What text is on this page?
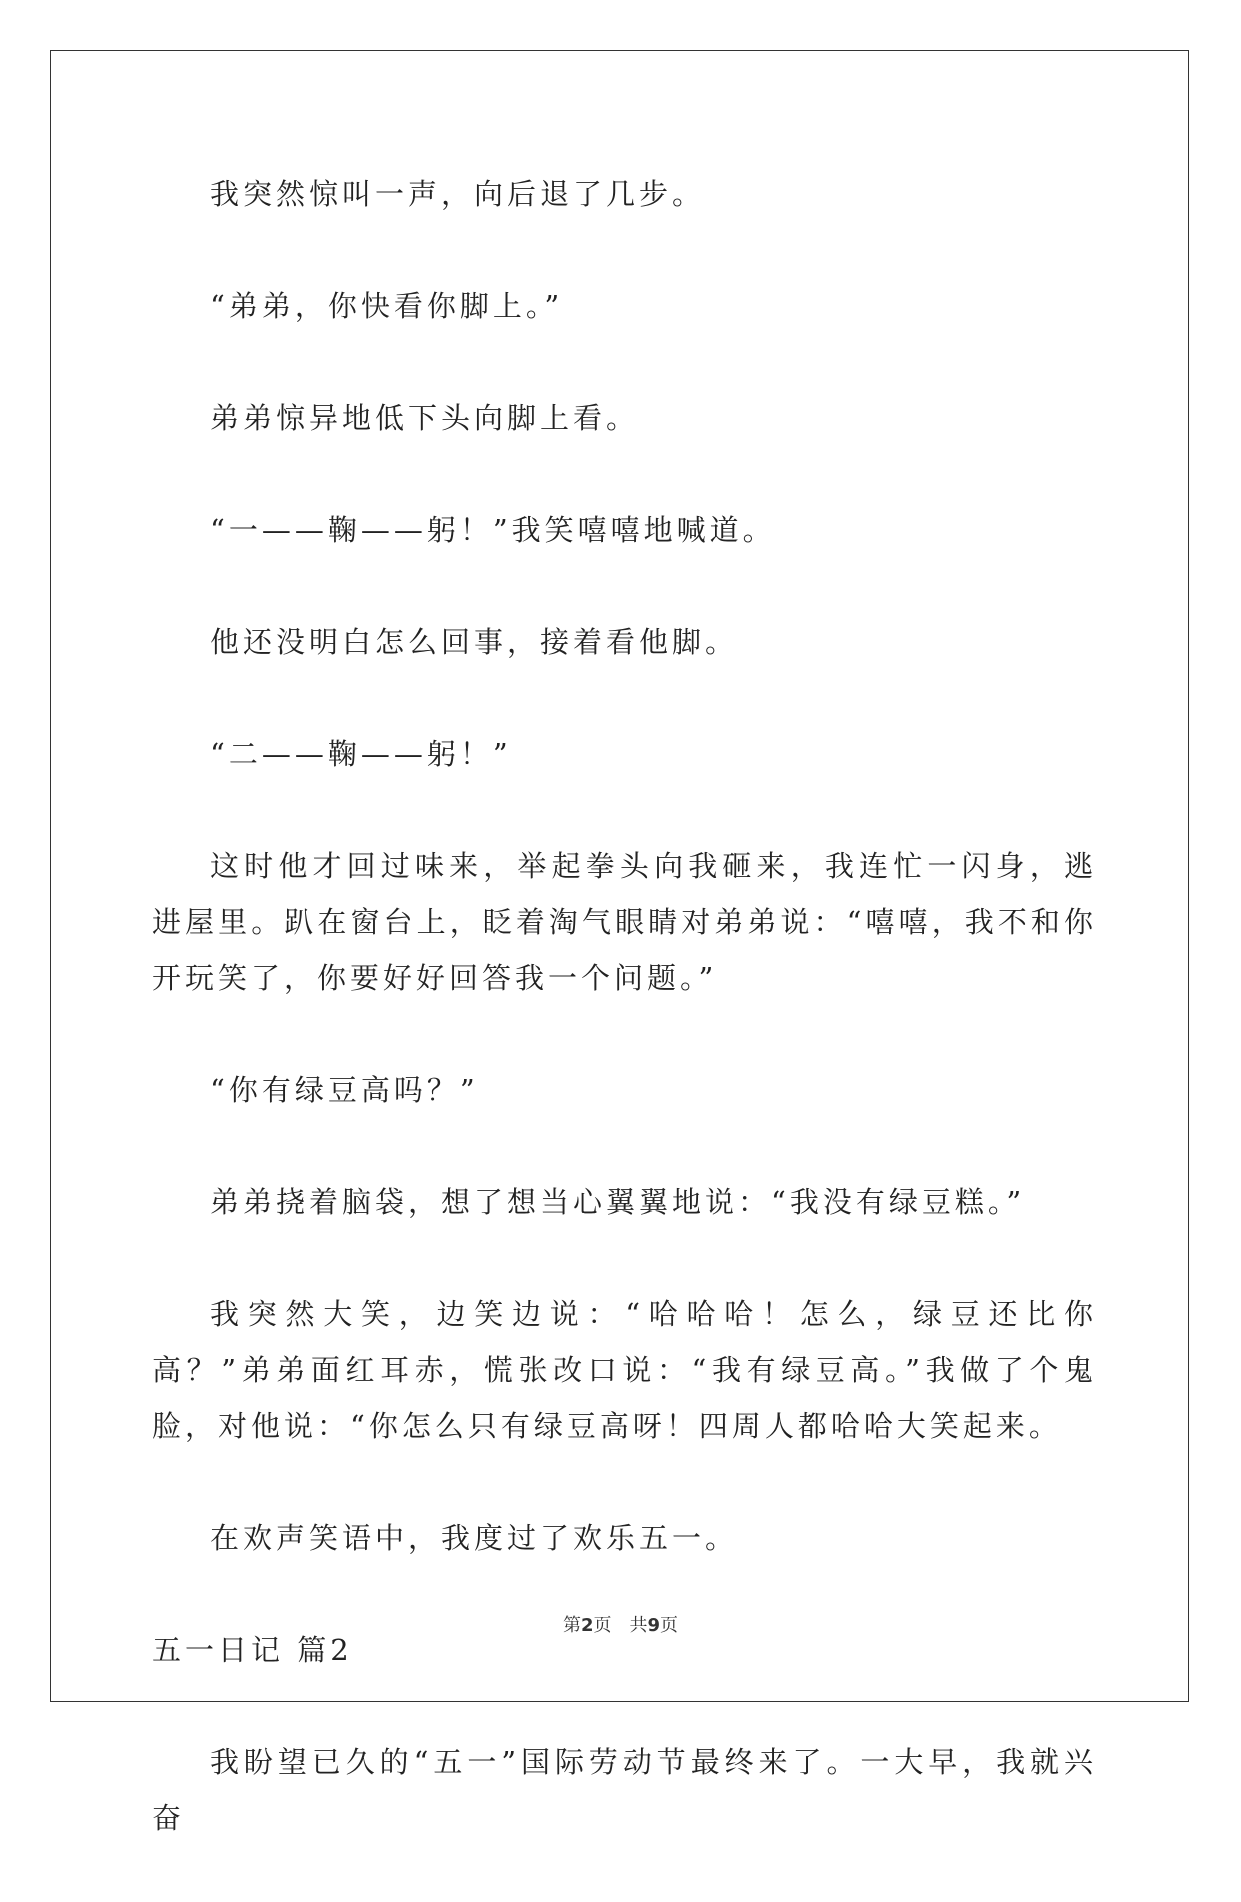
我突然惊叫一声，向后退了几步。

“弟弟，你快看你脚上。”

弟弟惊异地低下头向脚上看。

“一——鞠——躬！”我笑嘻嘻地喊道。

他还没明白怎么回事，接着看他脚。

“二——鞠——躬！”

这时他才回过味来，举起拳头向我砸来，我连忙一闪身，逃进屋里。趴在窗台上，眨着淘气眼睛对弟弟说：“嘻嘻，我不和你开玩笑了，你要好好回答我一个问题。”

“你有绿豆高吗？”

弟弟挠着脑袋，想了想当心翼翼地说：“我没有绿豆糕。”

我突然大笑，边笑边说：“哈哈哈！怎么，绿豆还比你高？”弟弟面红耳赤，慌张改口说：“我有绿豆高。”我做了个鬼脸，对他说：“你怎么只有绿豆高呀！四周人都哈哈大笑起来。

在欢声笑语中，我度过了欢乐五一。

五一日记 篇2

我盼望已久的“五一”国际劳动节最终来了。一大早，我就兴奋

第2页 共9页
